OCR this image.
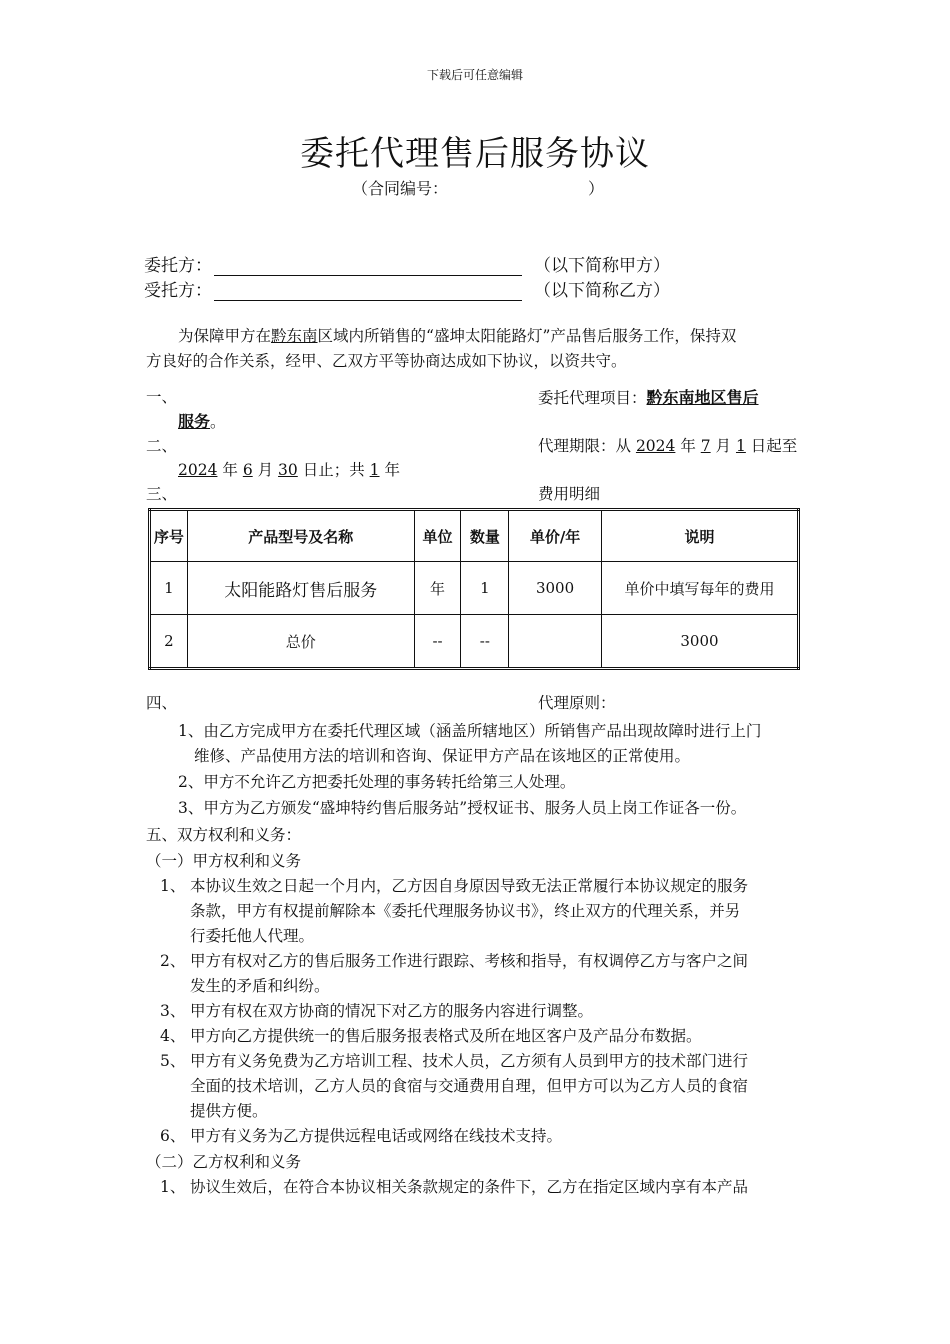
下载后可任意编辑
委托代理售后服务协议
（合同编号：	）
委托方：	（以下简称甲方）
受托方：	（以下简称乙方）
为保障甲方在黔东南区域内所销售的“盛坤太阳能路灯”产品售后服务工作，保持双
方良好的合作关系，经甲、乙双方平等协商达成如下协议，以资共守。
一、	委托代理项目：黔东南地区售后
服务。
二、	代理期限：从 2024 年 7 月 1 日起至
2024 年 6 月 30 日止；共 1 年
三、	费用明细
序号	产品型号及名称	单位	数量	单价/年	说明
1	太阳能路灯售后服务	年	1	3000	单价中填写每年的费用
2	总价	--	--		3000
四、	代理原则：
1、由乙方完成甲方在委托代理区域（涵盖所辖地区）所销售产品出现故障时进行上门
维修、产品使用方法的培训和咨询、保证甲方产品在该地区的正常使用。
2、甲方不允许乙方把委托处理的事务转托给第三人处理。
3、甲方为乙方颁发“盛坤特约售后服务站”授权证书、服务人员上岗工作证各一份。
五、双方权利和义务：
（一）甲方权利和义务
1、 本协议生效之日起一个月内，乙方因自身原因导致无法正常履行本协议规定的服务
条款，甲方有权提前解除本《委托代理服务协议书》，终止双方的代理关系，并另
行委托他人代理。
2、 甲方有权对乙方的售后服务工作进行跟踪、考核和指导，有权调停乙方与客户之间
发生的矛盾和纠纷。
3、 甲方有权在双方协商的情况下对乙方的服务内容进行调整。
4、 甲方向乙方提供统一的售后服务报表格式及所在地区客户及产品分布数据。
5、 甲方有义务免费为乙方培训工程、技术人员，乙方须有人员到甲方的技术部门进行
全面的技术培训，乙方人员的食宿与交通费用自理，但甲方可以为乙方人员的食宿
提供方便。
6、 甲方有义务为乙方提供远程电话或网络在线技术支持。
（二）乙方权利和义务
1、 协议生效后，在符合本协议相关条款规定的条件下，乙方在指定区域内享有本产品
